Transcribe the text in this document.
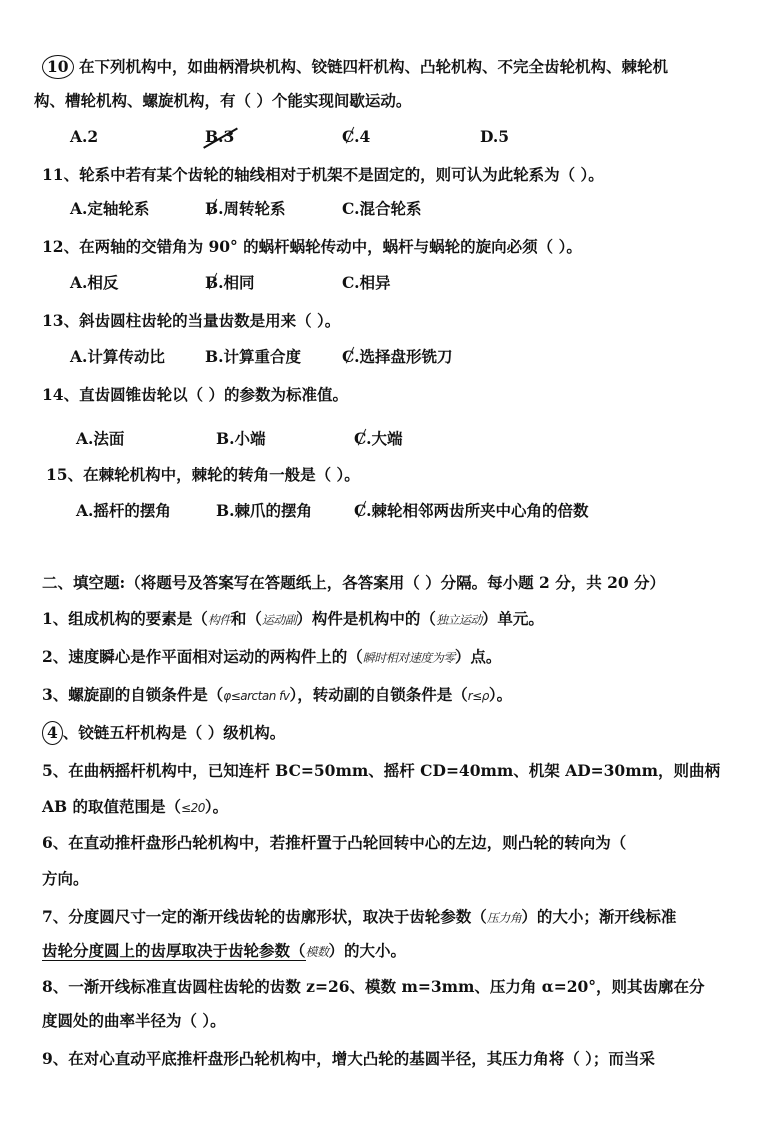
10 在下列机构中，如曲柄滑块机构、铰链四杆机构、凸轮机构、不完全齿轮机构、棘轮机
构、槽轮机构、螺旋机构，有（ ）个能实现间歇运动。
A.2	B.3	C.4	D.5
11、轮系中若有某个齿轮的轴线相对于机架不是固定的，则可认为此轮系为（ ）。
A.定轴轮系	B.周转轮系	C.混合轮系
12、在两轴的交错角为 90° 的蜗杆蜗轮传动中，蜗杆与蜗轮的旋向必须（ ）。
A.相反	B.相同	C.相异
13、斜齿圆柱齿轮的当量齿数是用来（ ）。
A.计算传动比	B.计算重合度	C.选择盘形铣刀
14、直齿圆锥齿轮以（ ）的参数为标准值。
A.法面	B.小端	C.大端
15、在棘轮机构中，棘轮的转角一般是（ ）。
A.摇杆的摆角	B.棘爪的摆角	C.棘轮相邻两齿所夹中心角的倍数
二、填空题:（将题号及答案写在答题纸上，各答案用（ ）分隔。每小题 2 分，共 20 分）
1、组成机构的要素是（构件和（运动副）构件是机构中的（独立运动）单元。
2、速度瞬心是作平面相对运动的两构件上的（瞬时相对速度为零）点。
3、螺旋副的自锁条件是（φ≤arctan fv），转动副的自锁条件是（r≤ρ）。
4 、铰链五杆机构是（ ）级机构。
5、在曲柄摇杆机构中，已知连杆 BC=50mm、摇杆 CD=40mm、机架 AD=30mm，则曲柄
AB 的取值范围是（≤20）。
6、在直动推杆盘形凸轮机构中，若推杆置于凸轮回转中心的左边，则凸轮的转向为（
方向。
7、分度圆尺寸一定的渐开线齿轮的齿廓形状，取决于齿轮参数（压力角）的大小；渐开线标准
齿轮分度圆上的齿厚取决于齿轮参数（模数）的大小。
8、一渐开线标准直齿圆柱齿轮的齿数 z=26、模数 m=3mm、压力角 α=20°，则其齿廓在分
度圆处的曲率半径为（ ）。
9、在对心直动平底推杆盘形凸轮机构中，增大凸轮的基圆半径，其压力角将（ ）；而当采
